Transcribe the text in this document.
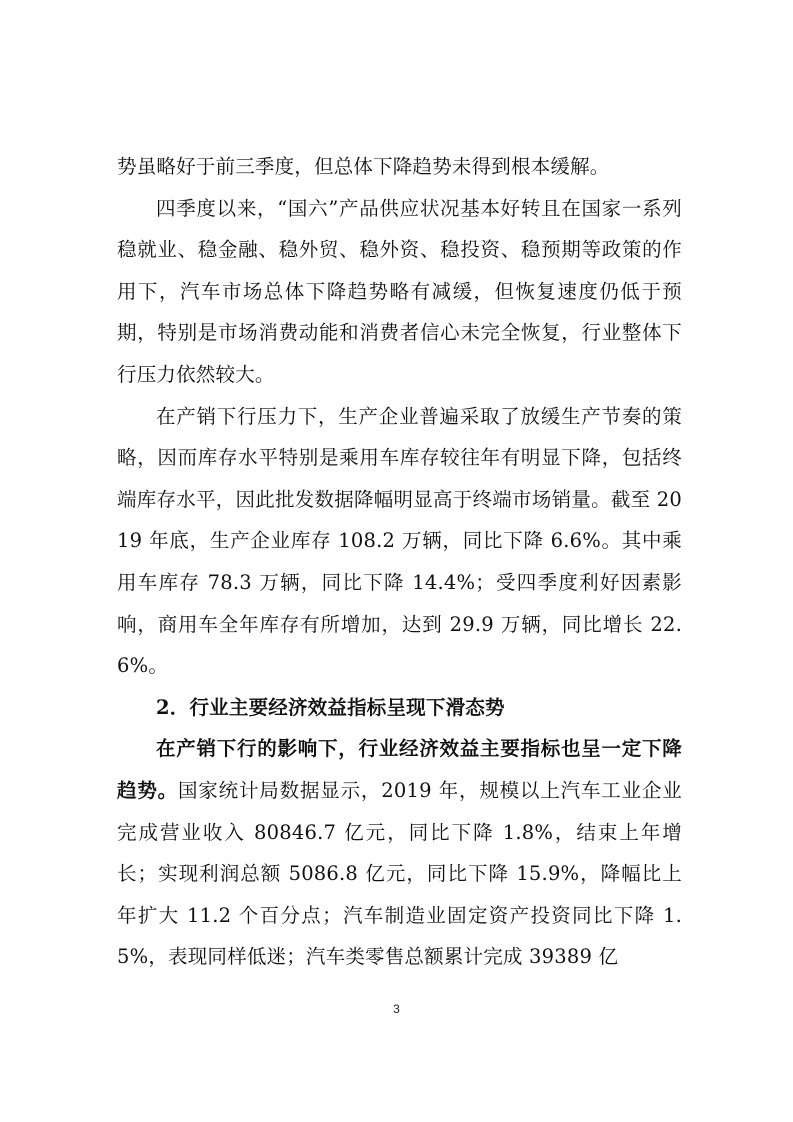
势虽略好于前三季度，但总体下降趋势未得到根本缓解。

四季度以来，“国六”产品供应状况基本好转且在国家一系列稳就业、稳金融、稳外贸、稳外资、稳投资、稳预期等政策的作用下，汽车市场总体下降趋势略有减缓，但恢复速度仍低于预期，特别是市场消费动能和消费者信心未完全恢复，行业整体下行压力依然较大。

在产销下行压力下，生产企业普遍采取了放缓生产节奏的策略，因而库存水平特别是乘用车库存较往年有明显下降，包括终端库存水平，因此批发数据降幅明显高于终端市场销量。截至 2019 年底，生产企业库存 108.2 万辆，同比下降 6.6%。其中乘用车库存 78.3 万辆，同比下降 14.4%；受四季度利好因素影响，商用车全年库存有所增加，达到 29.9 万辆，同比增长 22.6%。

2．行业主要经济效益指标呈现下滑态势

在产销下行的影响下，行业经济效益主要指标也呈一定下降趋势。国家统计局数据显示，2019 年，规模以上汽车工业企业完成营业收入 80846.7 亿元，同比下降 1.8%，结束上年增长；实现利润总额 5086.8 亿元，同比下降 15.9%，降幅比上年扩大 11.2 个百分点；汽车制造业固定资产投资同比下降 1.5%，表现同样低迷；汽车类零售总额累计完成 39389 亿

3
